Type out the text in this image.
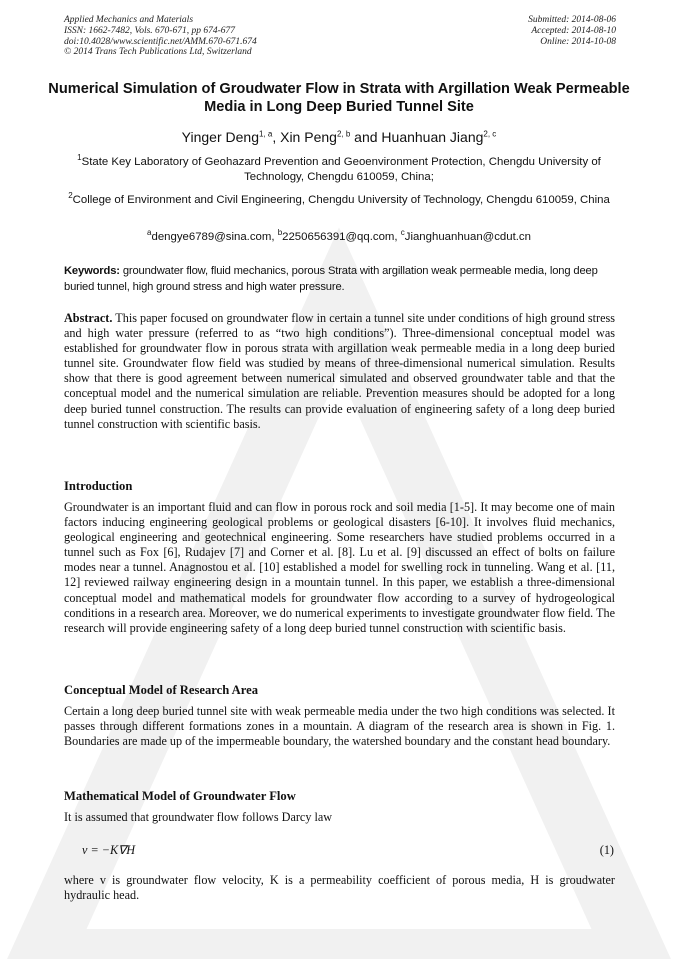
Applied Mechanics and Materials
ISSN: 1662-7482, Vols. 670-671, pp 674-677
doi:10.4028/www.scientific.net/AMM.670-671.674
© 2014 Trans Tech Publications Ltd, Switzerland
Submitted: 2014-08-06
Accepted: 2014-08-10
Online: 2014-10-08
Numerical Simulation of Groudwater Flow in Strata with Argillation Weak Permeable Media in Long Deep Buried Tunnel Site
Yinger Deng$^{1, a}$, Xin Peng$^{2, b}$ and Huanhuan Jiang$^{2, c}$
$^1$State Key Laboratory of Geohazard Prevention and Geoenvironment Protection, Chengdu University of Technology, Chengdu 610059, China;
$^2$College of Environment and Civil Engineering, Chengdu University of Technology, Chengdu 610059, China
$^a$dengye6789@sina.com, $^b$2250656391@qq.com, $^c$Jianghuanhuan@cdut.cn
Keywords: groundwater flow, fluid mechanics, porous Strata with argillation weak permeable media, long deep buried tunnel, high ground stress and high water pressure.
Abstract. This paper focused on groundwater flow in certain a tunnel site under conditions of high ground stress and high water pressure (referred to as “two high conditions”). Three-dimensional conceptual model was established for groundwater flow in porous strata with argillation weak permeable media in a long deep buried tunnel site. Groundwater flow field was studied by means of three-dimensional numerical simulation. Results show that there is good agreement between numerical simulated and observed groundwater table and that the conceptual model and the numerical simulation are reliable. Prevention measures should be adopted for a long deep buried tunnel construction. The results can provide evaluation of engineering safety of a long deep buried tunnel construction with scientific basis.
Introduction
Groundwater is an important fluid and can flow in porous rock and soil media [1-5]. It may become one of main factors inducing engineering geological problems or geological disasters [6-10]. It involves fluid mechanics, geological engineering and geotechnical engineering. Some researchers have studied problems occurred in a tunnel such as Fox [6], Rudajev [7] and Corner et al. [8]. Lu et al. [9] discussed an effect of bolts on failure modes near a tunnel. Anagnostou et al. [10] established a model for swelling rock in tunneling. Wang et al. [11, 12] reviewed railway engineering design in a mountain tunnel. In this paper, we establish a three-dimensional conceptual model and mathematical models for groundwater flow according to a survey of hydrogeological conditions in a research area. Moreover, we do numerical experiments to investigate groundwater flow field. The research will provide engineering safety of a long deep buried tunnel construction with scientific basis.
Conceptual Model of Research Area
Certain a long deep buried tunnel site with weak permeable media under the two high conditions was selected. It passes through different formations zones in a mountain. A diagram of the research area is shown in Fig. 1. Boundaries are made up of the impermeable boundary, the watershed boundary and the constant head boundary.
Mathematical Model of Groundwater Flow
It is assumed that groundwater flow follows Darcy law
v = −K∇H	(1)
where v is groundwater flow velocity, K is a permeability coefficient of porous media, H is groudwater hydraulic head.
